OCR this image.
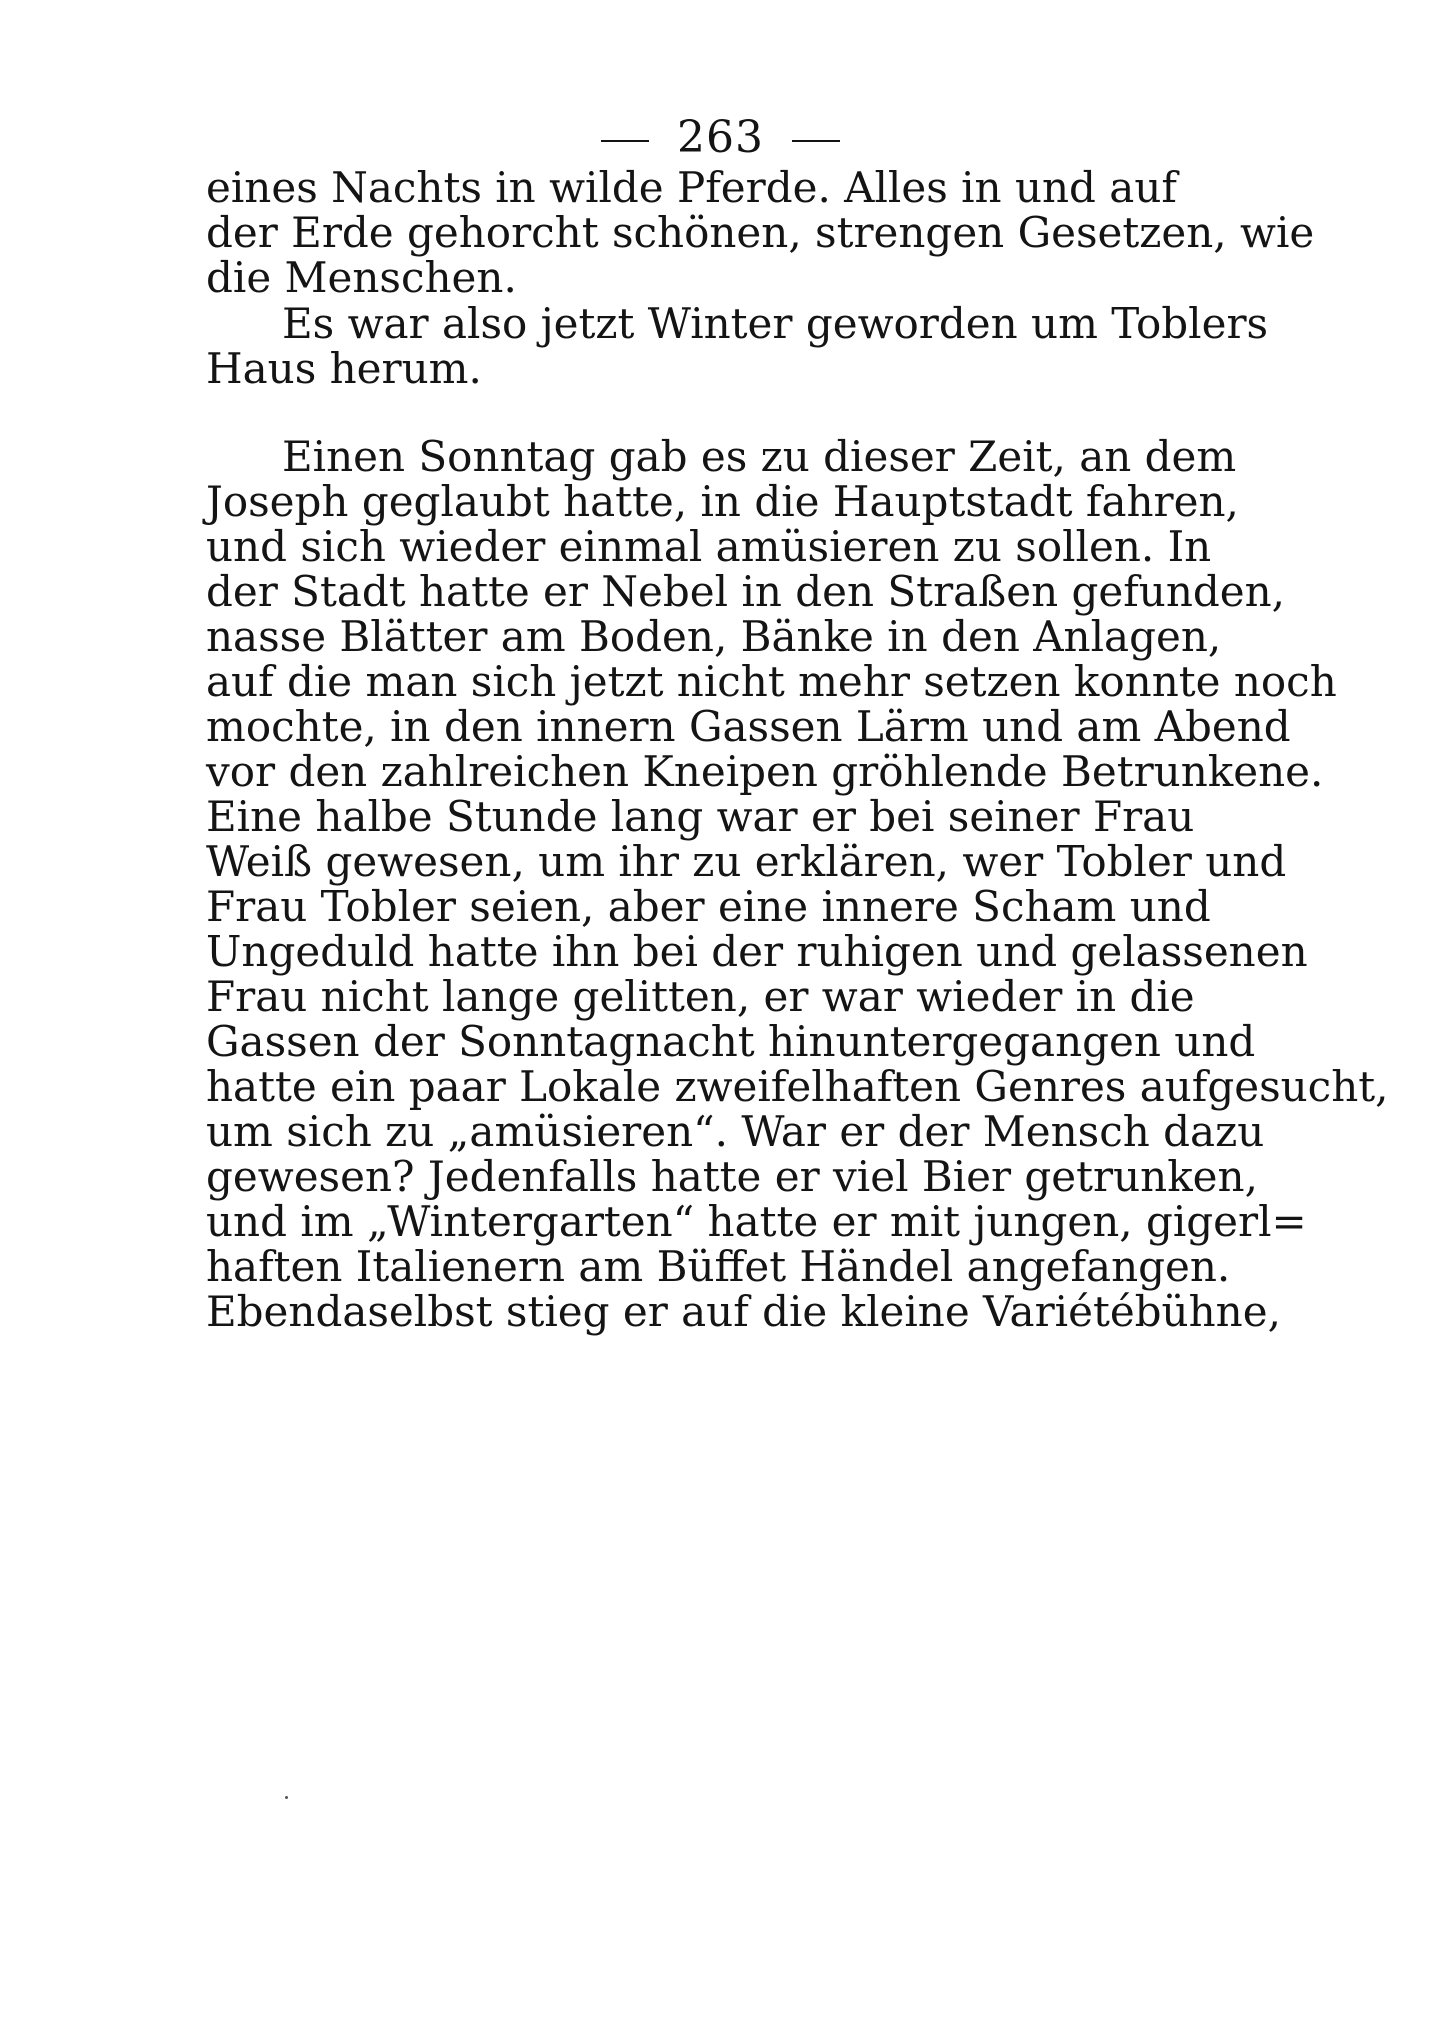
263
eines Nachts in wilde Pferde. Alles in und auf
der Erde gehorcht schönen, strengen Gesetzen, wie
die Menschen.
Es war also jetzt Winter geworden um Toblers
Haus herum.
Einen Sonntag gab es zu dieser Zeit, an dem
Joseph geglaubt hatte, in die Hauptstadt fahren,
und sich wieder einmal amüsieren zu sollen. In
der Stadt hatte er Nebel in den Straßen gefunden,
nasse Blätter am Boden, Bänke in den Anlagen,
auf die man sich jetzt nicht mehr setzen konnte noch
mochte, in den innern Gassen Lärm und am Abend
vor den zahlreichen Kneipen gröhlende Betrunkene.
Eine halbe Stunde lang war er bei seiner Frau
Weiß gewesen, um ihr zu erklären, wer Tobler und
Frau Tobler seien, aber eine innere Scham und
Ungeduld hatte ihn bei der ruhigen und gelassenen
Frau nicht lange gelitten, er war wieder in die
Gassen der Sonntagnacht hinuntergegangen und
hatte ein paar Lokale zweifelhaften Genres aufgesucht,
um sich zu „amüsieren“. War er der Mensch dazu
gewesen? Jedenfalls hatte er viel Bier getrunken,
und im „Wintergarten“ hatte er mit jungen, gigerl=
haften Italienern am Büffet Händel angefangen.
Ebendaselbst stieg er auf die kleine Variétébühne,
